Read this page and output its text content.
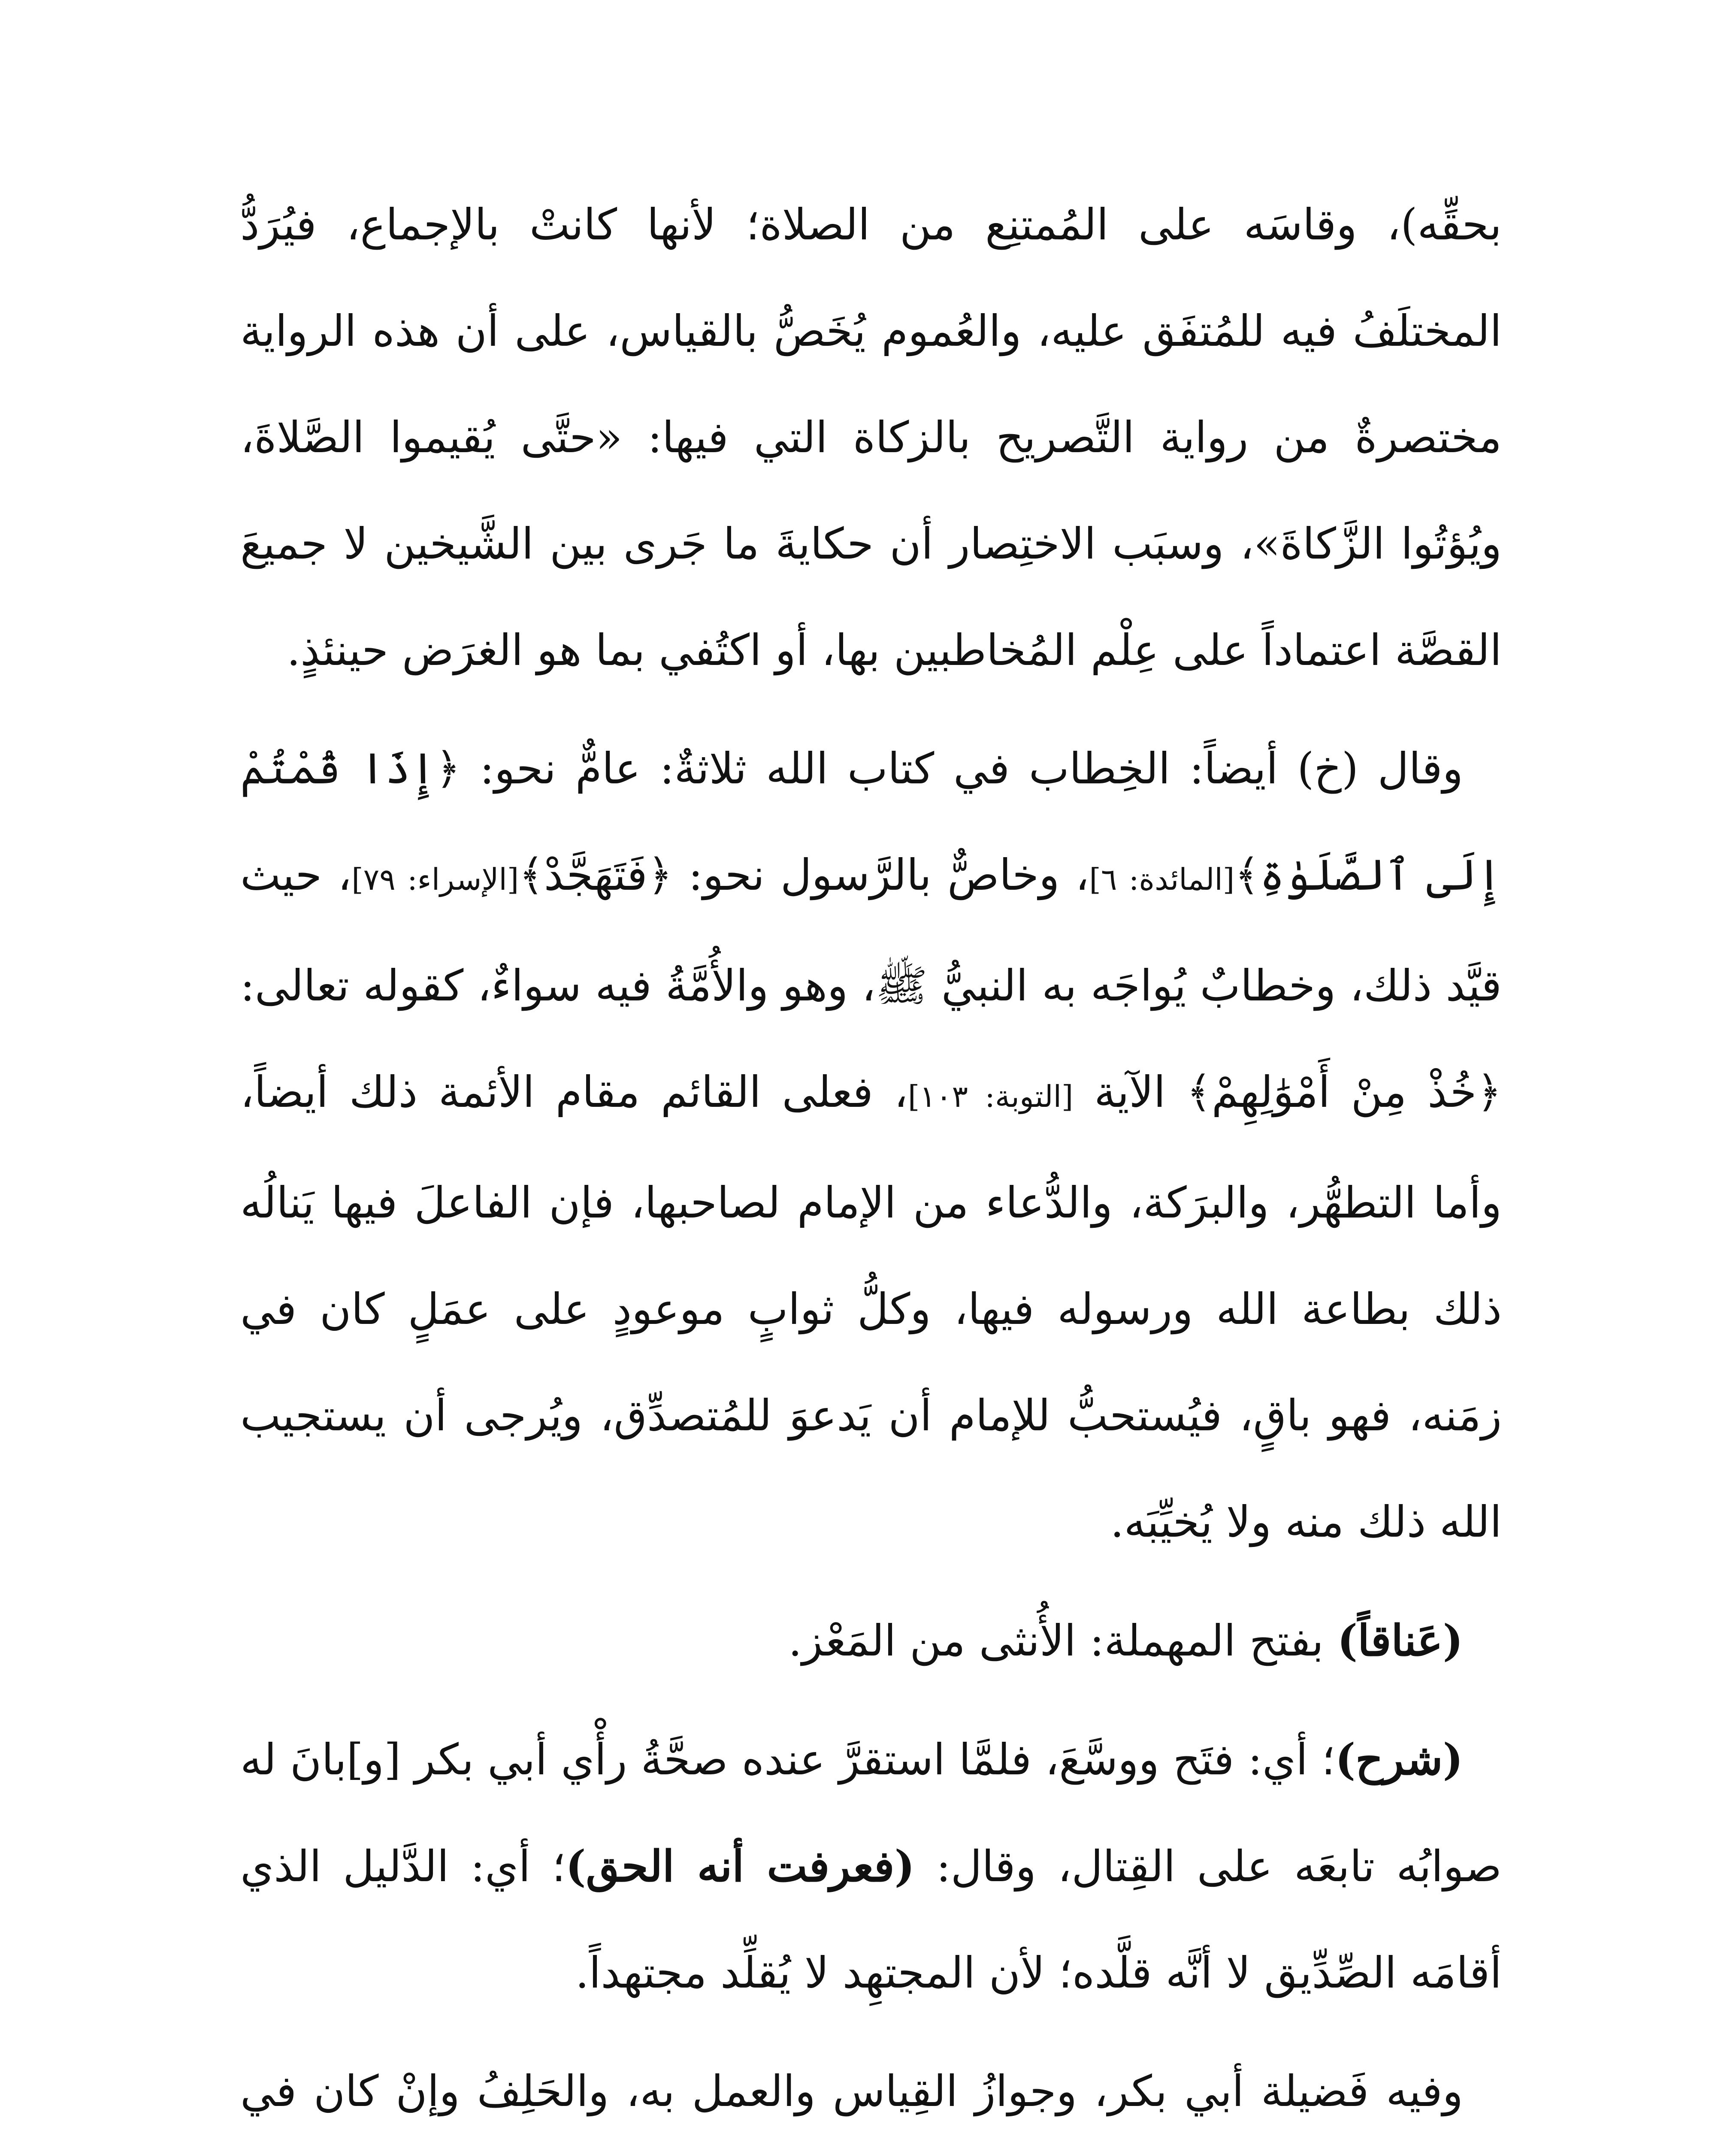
بحقِّه)، وقاسَه على المُمتنِع من الصلاة؛ لأنها كانتْ بالإجماع، فيُرَدُّ المختلَفُ فيه للمُتفَق عليه، والعُموم يُخَصُّ بالقياس، على أن هذه الرواية مختصرةٌ من رواية التَّصريح بالزكاة التي فيها: «حتَّى يُقيموا الصَّلاةَ، ويُؤتُوا الزَّكاةَ»، وسبَب الاختِصار أن حكايةَ ما جَرى بين الشَّيخين لا جميعَ القصَّة اعتماداً على عِلْم المُخاطبين بها، أو اكتُفي بما هو الغرَض حينئذٍ.

وقال (خ) أيضاً: الخِطاب في كتاب الله ثلاثةٌ: عامٌّ نحو: ﴿إِذَا قُمْتُمْ إِلَى ٱلصَّلَوٰةِ﴾[المائدة: ٦]، وخاصٌّ بالرَّسول نحو: ﴿فَتَهَجَّدْ﴾[الإسراء: ٧٩]، حيث قيَّد ذلك، وخطابٌ يُواجَه به النبيُّ ﷺ، وهو والأُمَّةُ فيه سواءٌ، كقوله تعالى: ﴿خُذْ مِنْ أَمْوَٰلِهِمْ﴾ الآية [التوبة: ١٠٣]، فعلى القائم مقام الأئمة ذلك أيضاً، وأما التطهُّر، والبرَكة، والدُّعاء من الإمام لصاحبها، فإن الفاعلَ فيها يَنالُه ذلك بطاعة الله ورسوله فيها، وكلُّ ثوابٍ موعودٍ على عمَلٍ كان في زمَنه، فهو باقٍ، فيُستحبُّ للإمام أن يَدعوَ للمُتصدِّق، ويُرجى أن يستجيب الله ذلك منه ولا يُخيِّبَه.

(عَناقاً) بفتح المهملة: الأُنثى من المَعْز.

(شرح)؛ أي: فتَح ووسَّعَ، فلمَّا استقرَّ عنده صحَّةُ رأْي أبي بكر [و]بانَ له صوابُه تابعَه على القِتال، وقال: (فعرفت أنه الحق)؛ أي: الدَّليل الذي أقامَه الصِّدِّيق لا أنَّه قلَّده؛ لأن المجتهِد لا يُقلِّد مجتهداً.

وفيه فَضيلة أبي بكر، وجوازُ القِياس والعمل به، والحَلِفُ وإنْ كان في
